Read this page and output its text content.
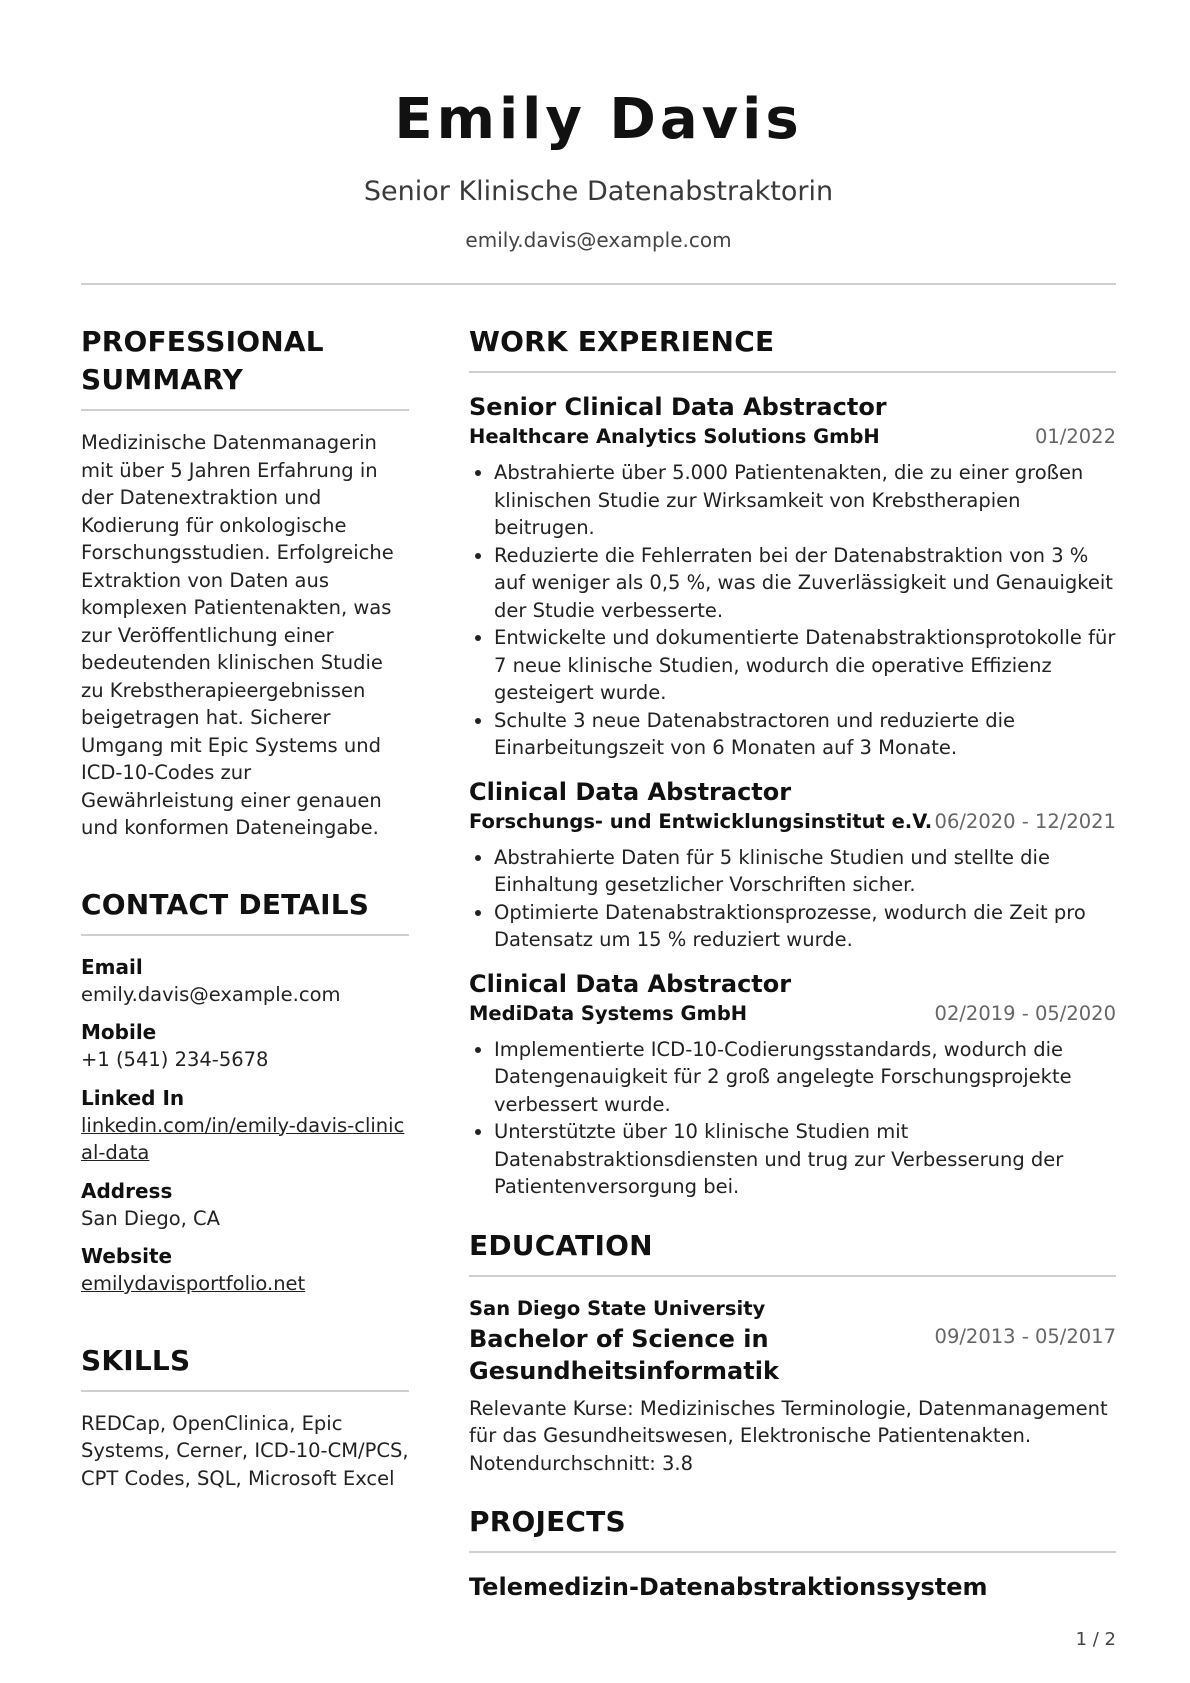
Emily Davis
Senior Klinische Datenabstraktorin
emily.davis@example.com
PROFESSIONAL SUMMARY
Medizinische Datenmanagerin mit über 5 Jahren Erfahrung in der Datenextraktion und Kodierung für onkologische Forschungsstudien. Erfolgreiche Extraktion von Daten aus komplexen Patientenakten, was zur Veröffentlichung einer bedeutenden klinischen Studie zu Krebstherapieergebnissen beigetragen hat. Sicherer Umgang mit Epic Systems und ICD-10-Codes zur Gewährleistung einer genauen und konformen Dateneingabe.
CONTACT DETAILS
Email
emily.davis@example.com
Mobile
+1 (541) 234-5678
Linked In
linkedin.com/in/emily-davis-clinical-data
Address
San Diego, CA
Website
emilydavisportfolio.net
SKILLS
REDCap, OpenClinica, Epic Systems, Cerner, ICD-10-CM/PCS, CPT Codes, SQL, Microsoft Excel
WORK EXPERIENCE
Senior Clinical Data Abstractor
Healthcare Analytics Solutions GmbH	01/2022
• Abstrahierte über 5.000 Patientenakten, die zu einer großen klinischen Studie zur Wirksamkeit von Krebstherapien beitrugen.
• Reduzierte die Fehlerraten bei der Datenabstraktion von 3 % auf weniger als 0,5 %, was die Zuverlässigkeit und Genauigkeit der Studie verbesserte.
• Entwickelte und dokumentierte Datenabstraktionsprotokolle für 7 neue klinische Studien, wodurch die operative Effizienz gesteigert wurde.
• Schulte 3 neue Datenabstractoren und reduzierte die Einarbeitungszeit von 6 Monaten auf 3 Monate.
Clinical Data Abstractor
Forschungs- und Entwicklungsinstitut e.V. 06/2020 - 12/2021
• Abstrahierte Daten für 5 klinische Studien und stellte die Einhaltung gesetzlicher Vorschriften sicher.
• Optimierte Datenabstraktionsprozesse, wodurch die Zeit pro Datensatz um 15 % reduziert wurde.
Clinical Data Abstractor
MediData Systems GmbH	02/2019 - 05/2020
• Implementierte ICD-10-Codierungsstandards, wodurch die Datengenauigkeit für 2 groß angelegte Forschungsprojekte verbessert wurde.
• Unterstützte über 10 klinische Studien mit Datenabstraktionsdiensten und trug zur Verbesserung der Patientenversorgung bei.
EDUCATION
San Diego State University
Bachelor of Science in Gesundheitsinformatik
09/2013 - 05/2017
Relevante Kurse: Medizinisches Terminologie, Datenmanagement für das Gesundheitswesen, Elektronische Patientenakten. Notendurchschnitt: 3.8
PROJECTS
Telemedizin-Datenabstraktionssystem
1 / 2
